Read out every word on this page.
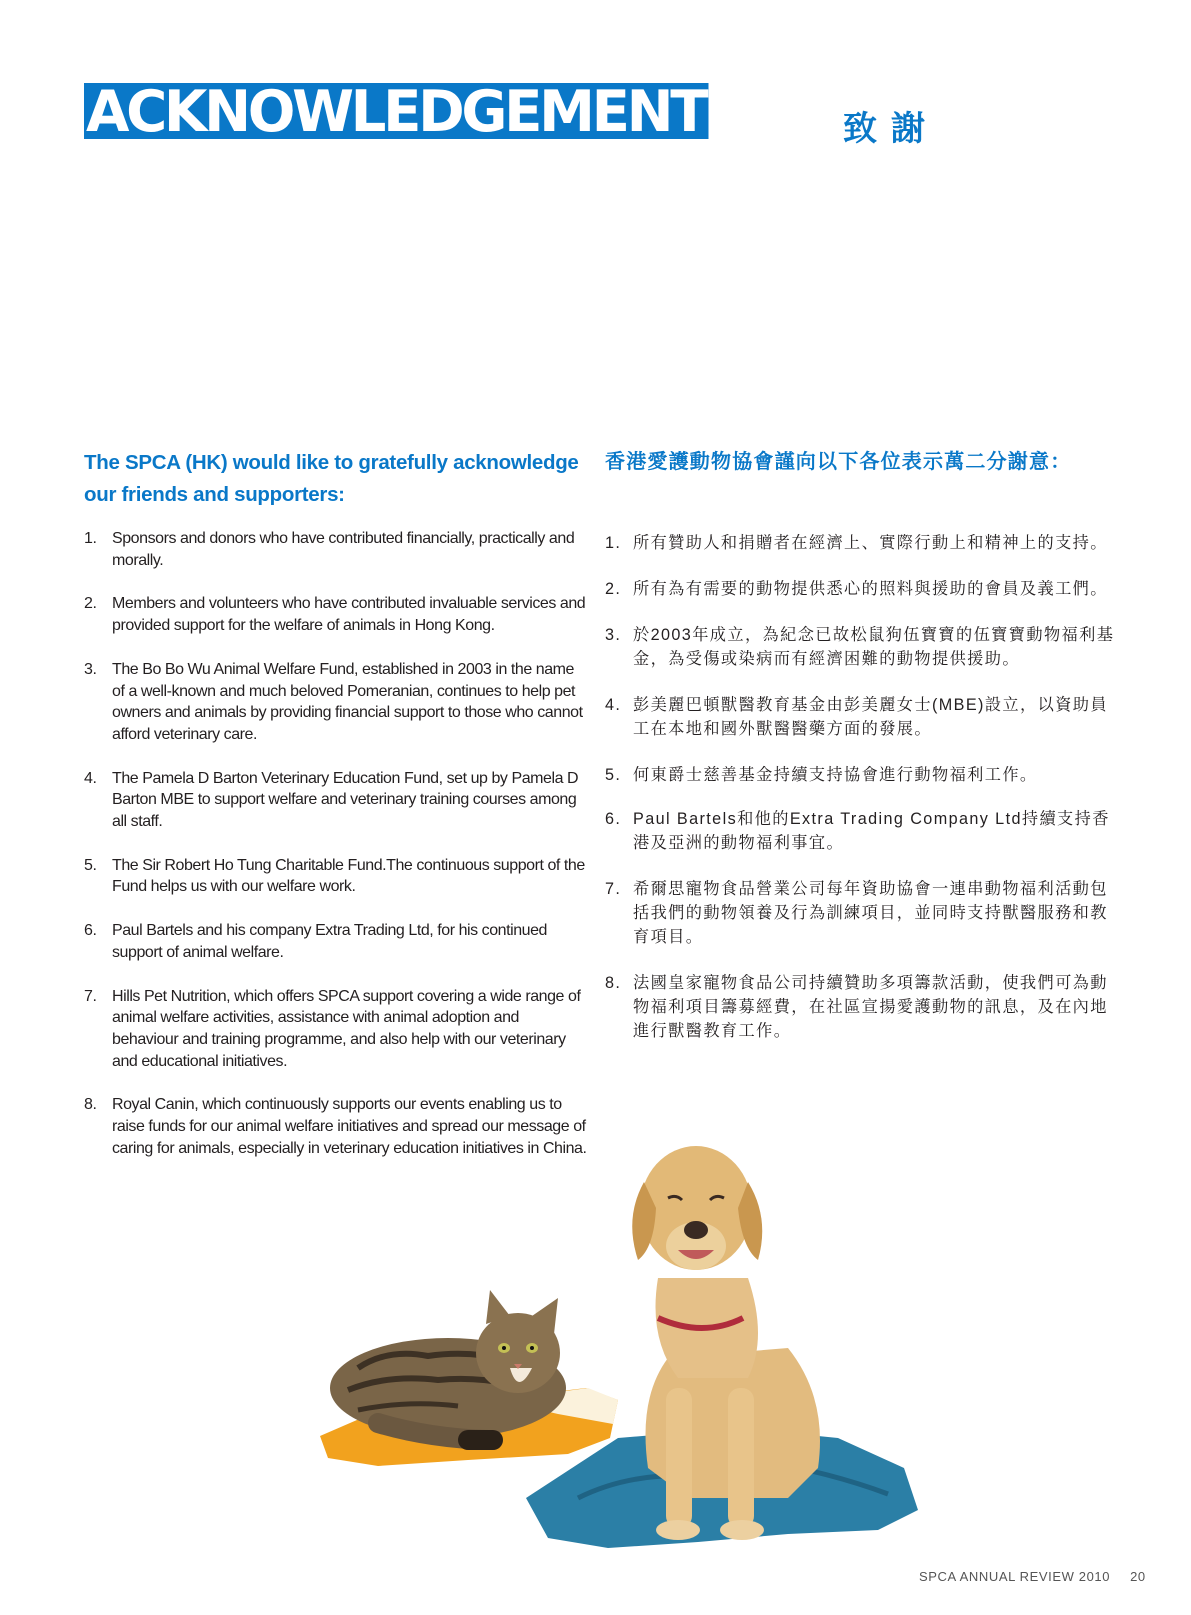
ACKNOWLEDGEMENT	致謝
The SPCA (HK) would like to gratefully acknowledge our friends and supporters:
1. Sponsors and donors who have contributed financially, practically and morally.
2. Members and volunteers who have contributed invaluable services and provided support for the welfare of animals in Hong Kong.
3. The Bo Bo Wu Animal Welfare Fund, established in 2003 in the name of a well-known and much beloved Pomeranian, continues to help pet owners and animals by providing financial support to those who cannot afford veterinary care.
4. The Pamela D Barton Veterinary Education Fund, set up by Pamela D Barton MBE to support welfare and veterinary training courses among all staff.
5. The Sir Robert Ho Tung Charitable Fund.The continuous support of the Fund helps us with our welfare work.
6. Paul Bartels and his company Extra Trading Ltd, for his continued support of animal welfare.
7. Hills Pet Nutrition, which offers SPCA support covering a wide range of animal welfare activities, assistance with animal adoption and behaviour and training programme, and also help with our veterinary and educational initiatives.
8. Royal Canin, which continuously supports our events enabling us to raise funds for our animal welfare initiatives and spread our message of caring for animals, especially in veterinary education initiatives in China.
香港愛護動物協會謹向以下各位表示萬二分謝意：
1. 所有贊助人和捐贈者在經濟上、實際行動上和精神上的支持。
2. 所有為有需要的動物提供悉心的照料與援助的會員及義工們。
3. 於2003年成立，為紀念已故松鼠狗伍寶寶的伍寶寶動物福利基金，為受傷或染病而有經濟困難的動物提供援助。
4. 彭美麗巴頓獸醫教育基金由彭美麗女士(MBE)設立，以資助員工在本地和國外獸醫醫藥方面的發展。
5. 何東爵士慈善基金持續支持協會進行動物福利工作。
6. Paul Bartels和他的Extra Trading Company Ltd持續支持香港及亞洲的動物福利事宜。
7. 希爾思寵物食品營業公司每年資助協會一連串動物福利活動包括我們的動物領養及行為訓練項目，並同時支持獸醫服務和教育項目。
8. 法國皇家寵物食品公司持續贊助多項籌款活動，使我們可為動物福利項目籌募經費，在社區宣揚愛護動物的訊息，及在內地進行獸醫教育工作。
SPCA ANNUAL REVIEW 2010 20
